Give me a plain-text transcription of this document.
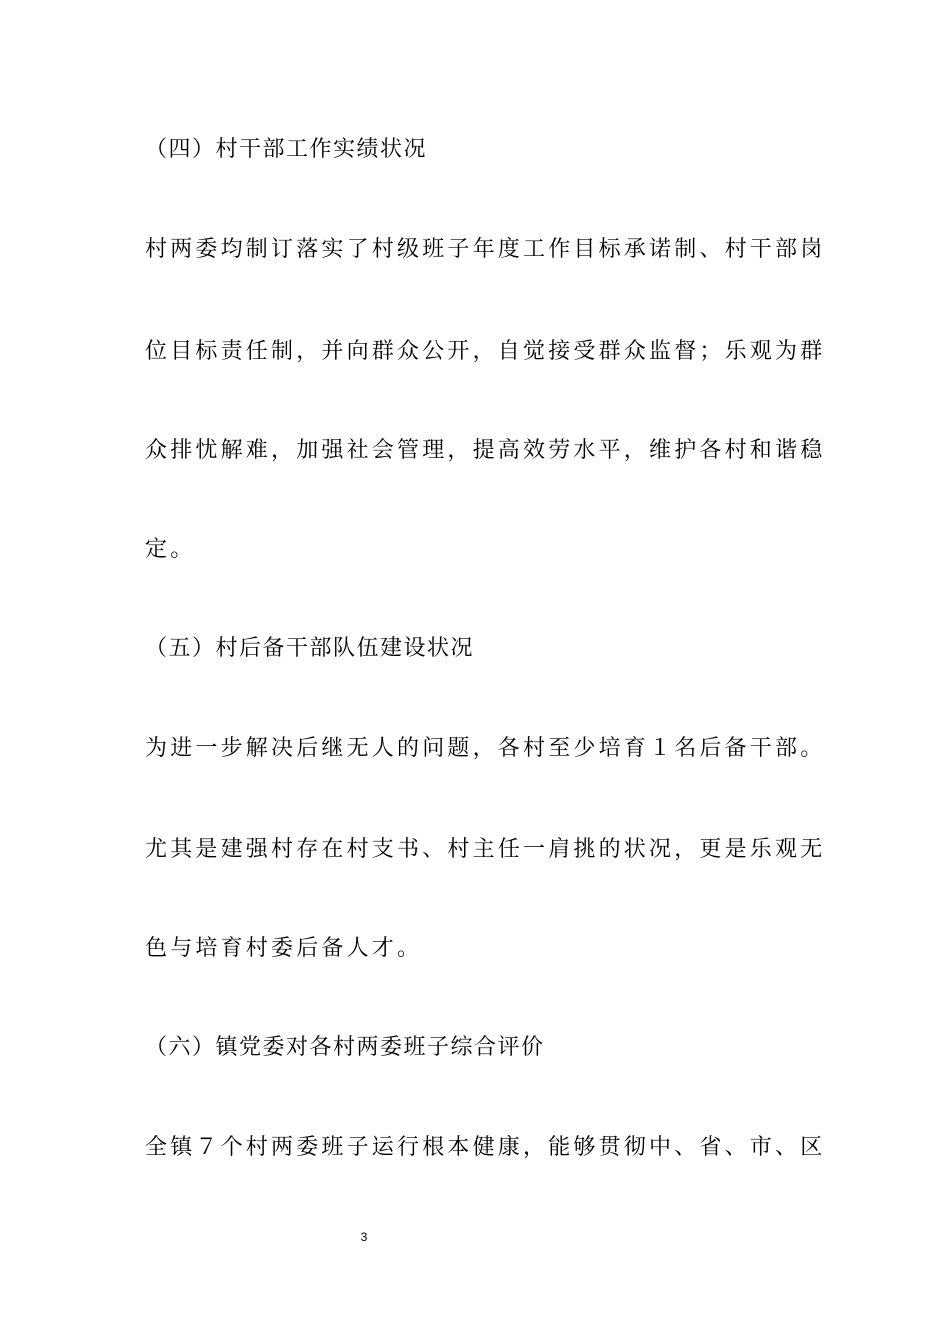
（四）村干部工作实绩状况
村两委均制订落实了村级班子年度工作目标承诺制、村干部岗
位目标责任制，并向群众公开，自觉接受群众监督；乐观为群
众排忧解难，加强社会管理，提高效劳水平，维护各村和谐稳
定。
（五）村后备干部队伍建设状况
为进一步解决后继无人的问题，各村至少培育１名后备干部。
尤其是建强村存在村支书、村主任一肩挑的状况，更是乐观无
色与培育村委后备人才。
（六）镇党委对各村两委班子综合评价
全镇７个村两委班子运行根本健康，能够贯彻中、省、市、区
3
